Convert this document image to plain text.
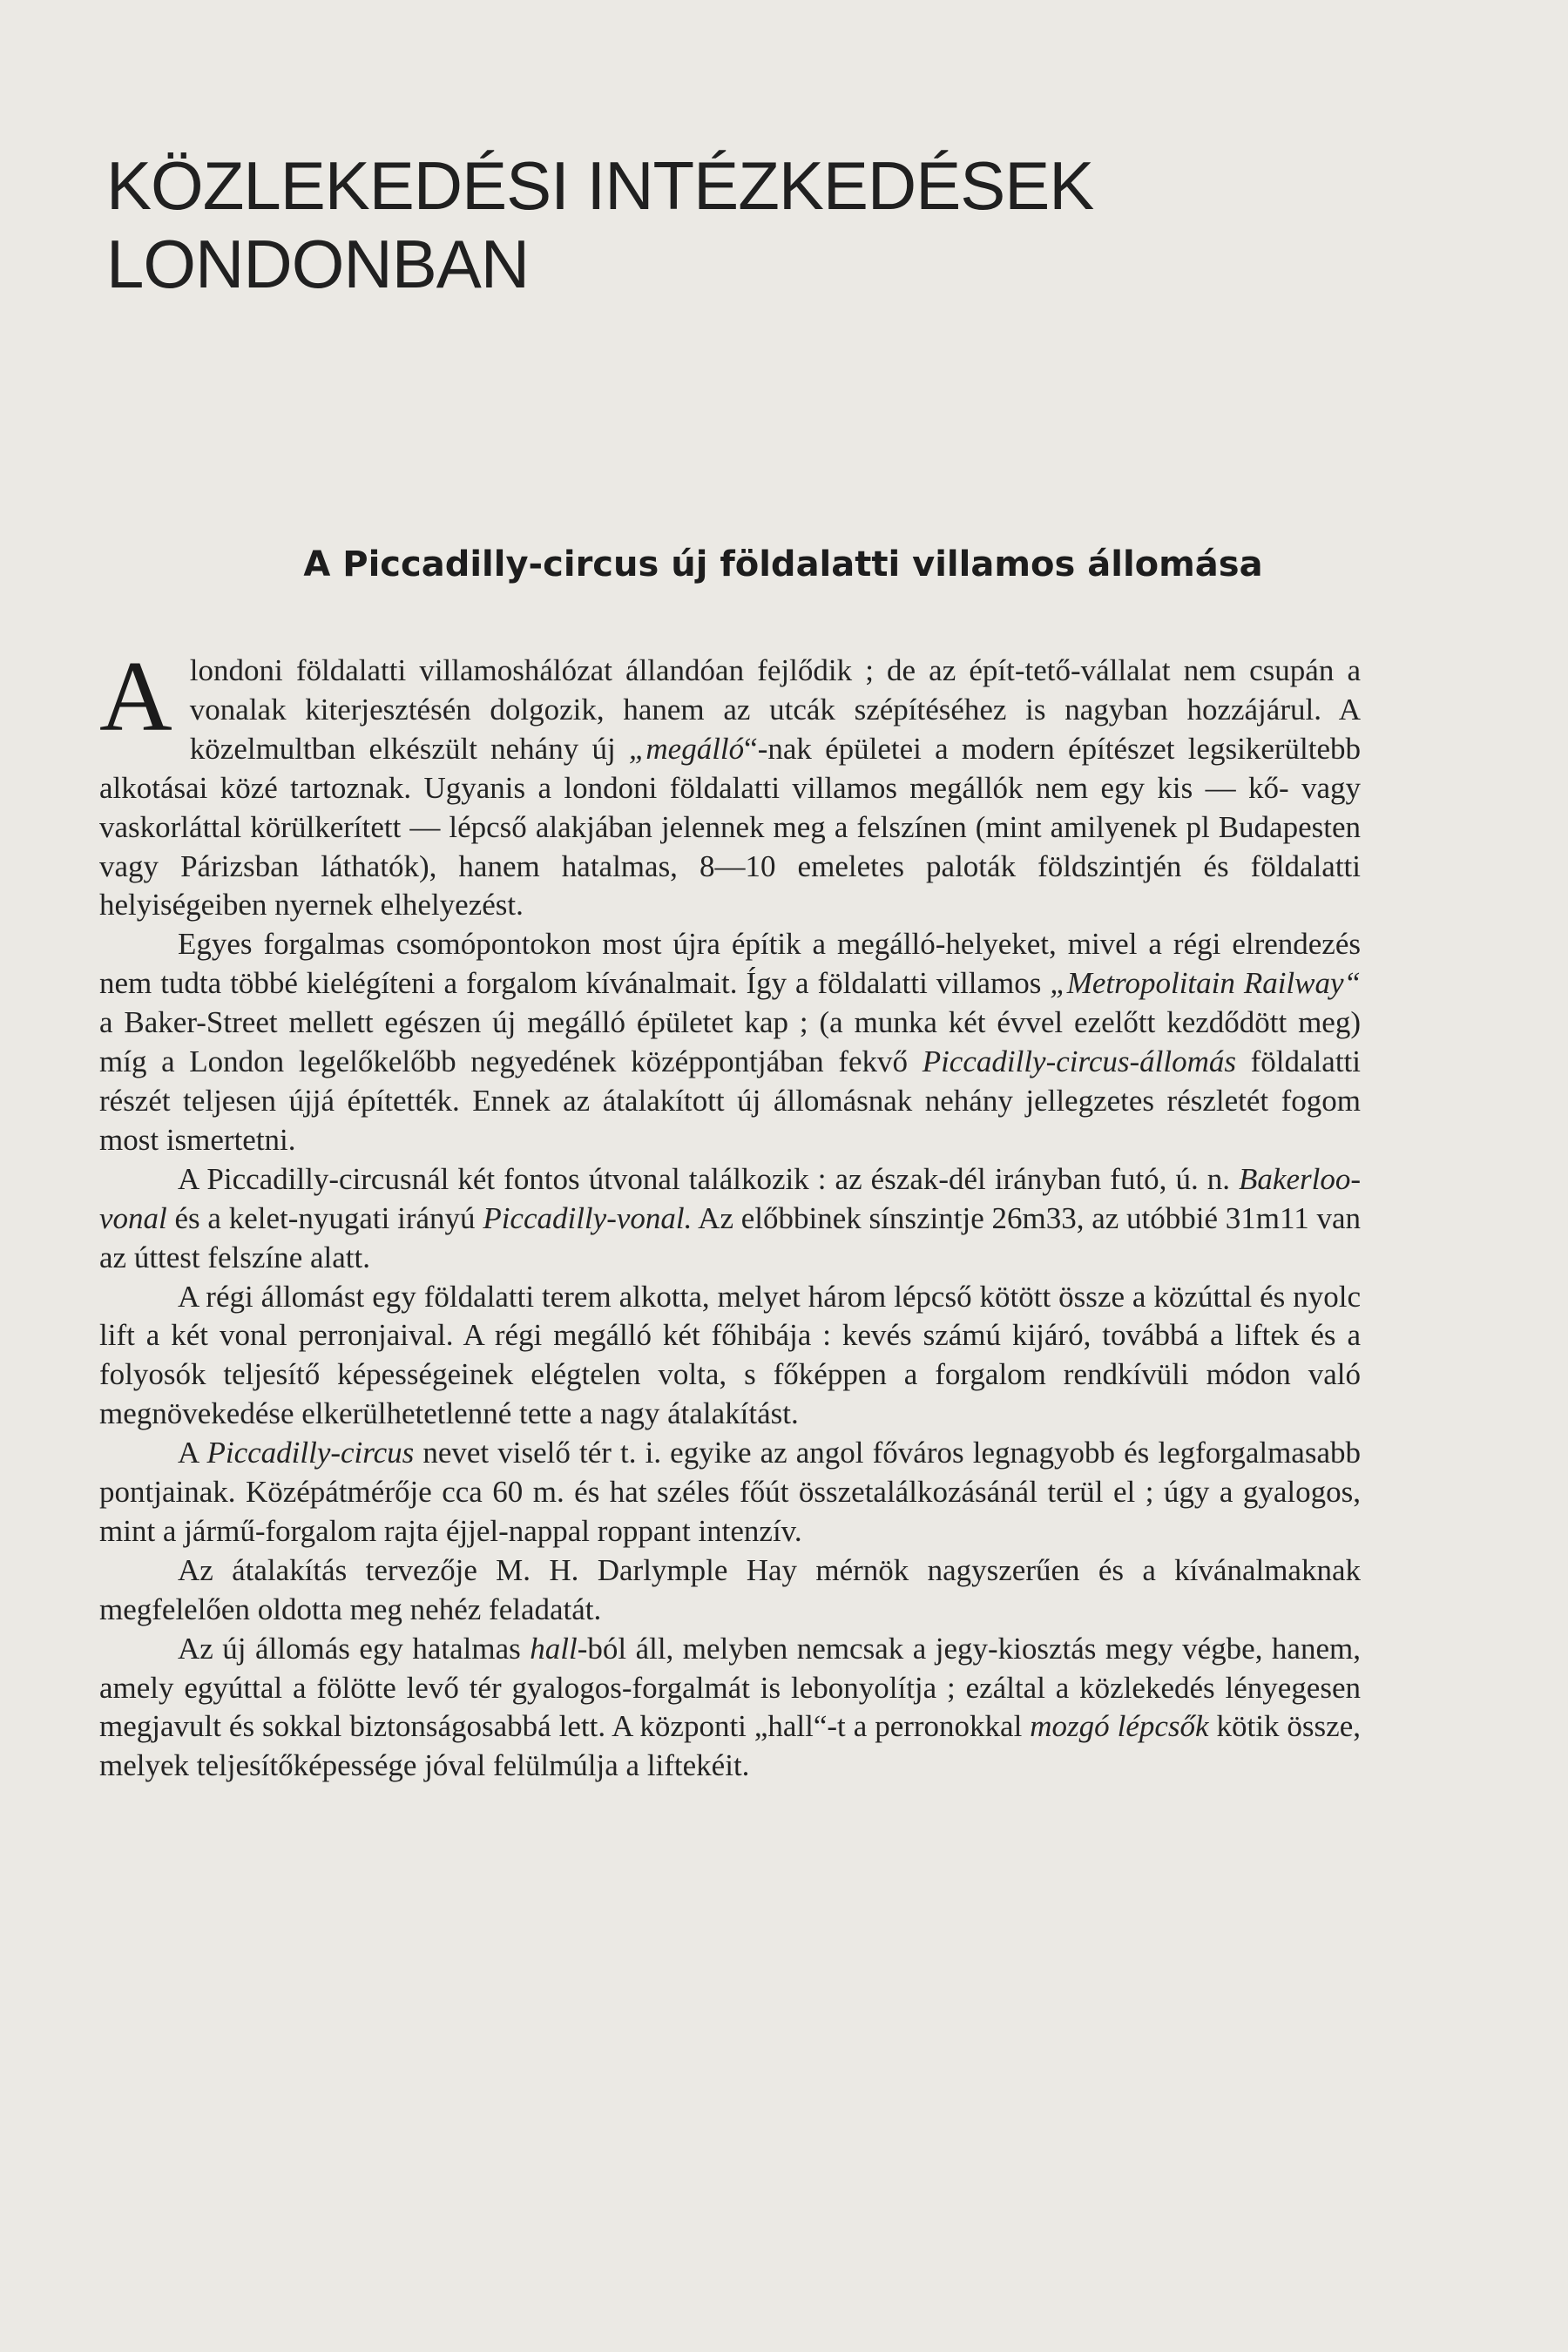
KÖZLEKEDÉSI INTÉZKEDÉSEK
LONDONBAN
A Piccadilly-circus új földalatti villamos állomása

Alondoni földalatti villamoshálózat állandóan fejlődik ; de az épít-tető-vállalat nem csupán a vonalak kiterjesztésén dolgozik, hanem az utcák szépítéséhez is nagyban hozzájárul. A közelmultban elkészült nehány új „megálló“-nak épületei a modern építészet legsikerültebb alkotásai közé tartoznak. Ugyanis a londoni földalatti villamos megállók nem egy kis — kő- vagy vaskorláttal körülkerített — lépcső alakjában jelennek meg a felszínen (mint amilyenek pl Budapesten vagy Párizsban láthatók), hanem hatalmas, 8—10 emeletes paloták földszintjén és földalatti helyiségeiben nyernek elhelyezést.

Egyes forgalmas csomópontokon most újra építik a megálló-helyeket, mivel a régi elrendezés nem tudta többé kielégíteni a forgalom kívánalmait. Így a földalatti villamos „Metropolitain Railway“ a Baker-Street mellett egészen új megálló épületet kap ; (a munka két évvel ezelőtt kezdődött meg) míg a London legelőkelőbb negyedének középpontjában fekvő Piccadilly-circus-állomás földalatti részét teljesen újjá építették. Ennek az átalakított új állomásnak nehány jellegzetes részletét fogom most ismertetni.

A Piccadilly-circusnál két fontos útvonal találkozik : az észak-dél irányban futó, ú. n. Bakerloo-vonal és a kelet-nyugati irányú Piccadilly-vonal. Az előbbinek sínszintje 26m33, az utóbbié 31m11 van az úttest felszíne alatt.

A régi állomást egy földalatti terem alkotta, melyet három lépcső kötött össze a közúttal és nyolc lift a két vonal perronjaival. A régi megálló két főhibája : kevés számú kijáró, továbbá a liftek és a folyosók teljesítő képességeinek elégtelen volta, s főképpen a forgalom rendkívüli módon való megnövekedése elkerülhetetlenné tette a nagy átalakítást.

A Piccadilly-circus nevet viselő tér t. i. egyike az angol főváros legnagyobb és legforgalmasabb pontjainak. Középátmérője cca 60 m. és hat széles főút összetalálkozásánál terül el ; úgy a gyalogos, mint a jármű-forgalom rajta éjjel-nappal roppant intenzív.

Az átalakítás tervezője M. H. Darlymple Hay mérnök nagyszerűen és a kívánalmaknak megfelelően oldotta meg nehéz feladatát.

Az új állomás egy hatalmas hall-ból áll, melyben nemcsak a jegy-kiosztás megy végbe, hanem, amely egyúttal a fölötte levő tér gyalogos-forgalmát is lebonyolítja ; ezáltal a közlekedés lényegesen megjavult és sokkal biztonságosabbá lett. A központi „hall“-t a perronokkal mozgó lépcsők kötik össze, melyek teljesítőképessége jóval felülmúlja a liftekéit.
